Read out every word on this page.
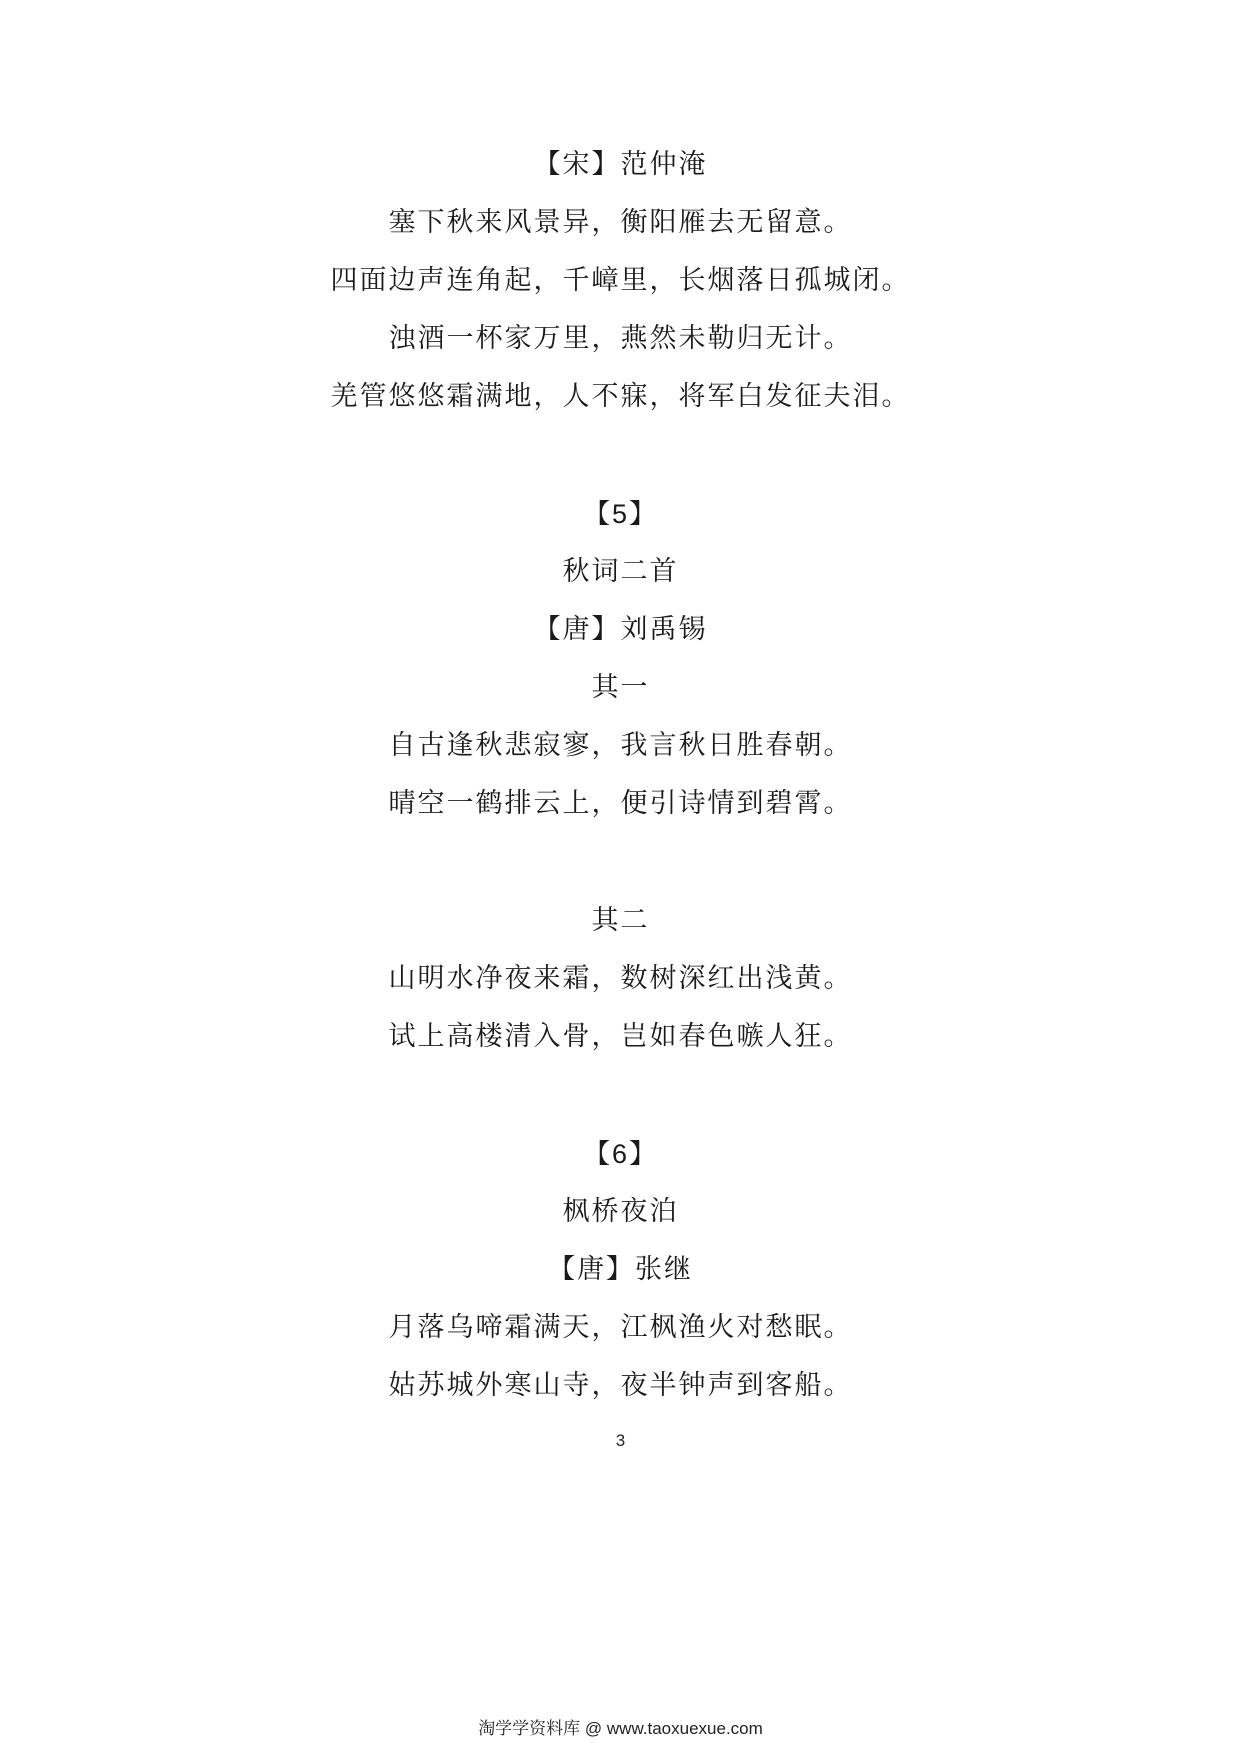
【宋】范仲淹
塞下秋来风景异，衡阳雁去无留意。
四面边声连角起，千嶂里，长烟落日孤城闭。
浊酒一杯家万里，燕然未勒归无计。
羌管悠悠霜满地，人不寐，将军白发征夫泪。
【5】
秋词二首
【唐】刘禹锡
其一
自古逢秋悲寂寥，我言秋日胜春朝。
晴空一鹤排云上，便引诗情到碧霄。
其二
山明水净夜来霜，数树深红出浅黄。
试上高楼清入骨，岂如春色嗾人狂。
【6】
枫桥夜泊
【唐】张继
月落乌啼霜满天，江枫渔火对愁眠。
姑苏城外寒山寺，夜半钟声到客船。
3
淘学学资料库 @ www.taoxuexue.com
